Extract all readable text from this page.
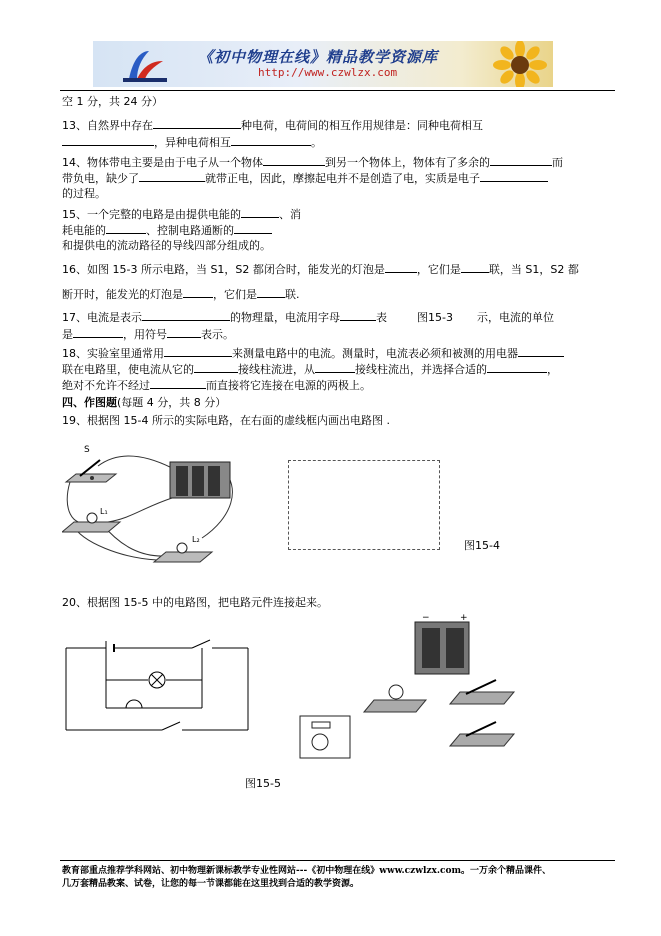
《初中物理在线》精品教学资源库
http://www.czwlzx.com
空 1 分，共 24 分）
13、自然界中存在	种电荷，电荷间的相互作用规律是：同种电荷相互
，异种电荷相互	。
14、物体带电主要是由于电子从一个物体	到另一个物体上，物体有了多余的	而
带负电，缺少了	就带正电，因此，摩擦起电并不是创造了电，实质是电子
的过程。
15、一个完整的电路是由提供电能的	、消
耗电能的	、控制电路通断的
和提供电的流动路径的导线四部分组成的。
16、如图 15-3 所示电路，当 S1，S2 都闭合时，能发光的灯泡是	，它们是	联，当 S1，S2 都
断开时，能发光的灯泡是	，它们是	联.
17、电流是表示	的物理量，电流用字母	表	图15-3 示，电流的单位
是	，用符号	表示。
18、实验室里通常用	来测量电路中的电流。测量时，电流表必须和被测的用电器
联在电路里，使电流从它的	接线柱流进，从	接线柱流出，并选择合适的	，
绝对不允许不经过	而直接将它连接在电源的两极上。
四、作图题(每题 4 分，共 8 分）
19、根据图 15-4 所示的实际电路，在右面的虚线框内画出电路图 .
S
L₁
L₂	图15-4
20、根据图 15-5 中的电路图，把电路元件连接起来。
−	+
图15-5
教育部重点推荐学科网站、初中物理新课标教学专业性网站---《初中物理在线》www.czwlzx.com。一万余个精品课件、
几万套精品教案、试卷，让您的每一节课都能在这里找到合适的教学资源。
